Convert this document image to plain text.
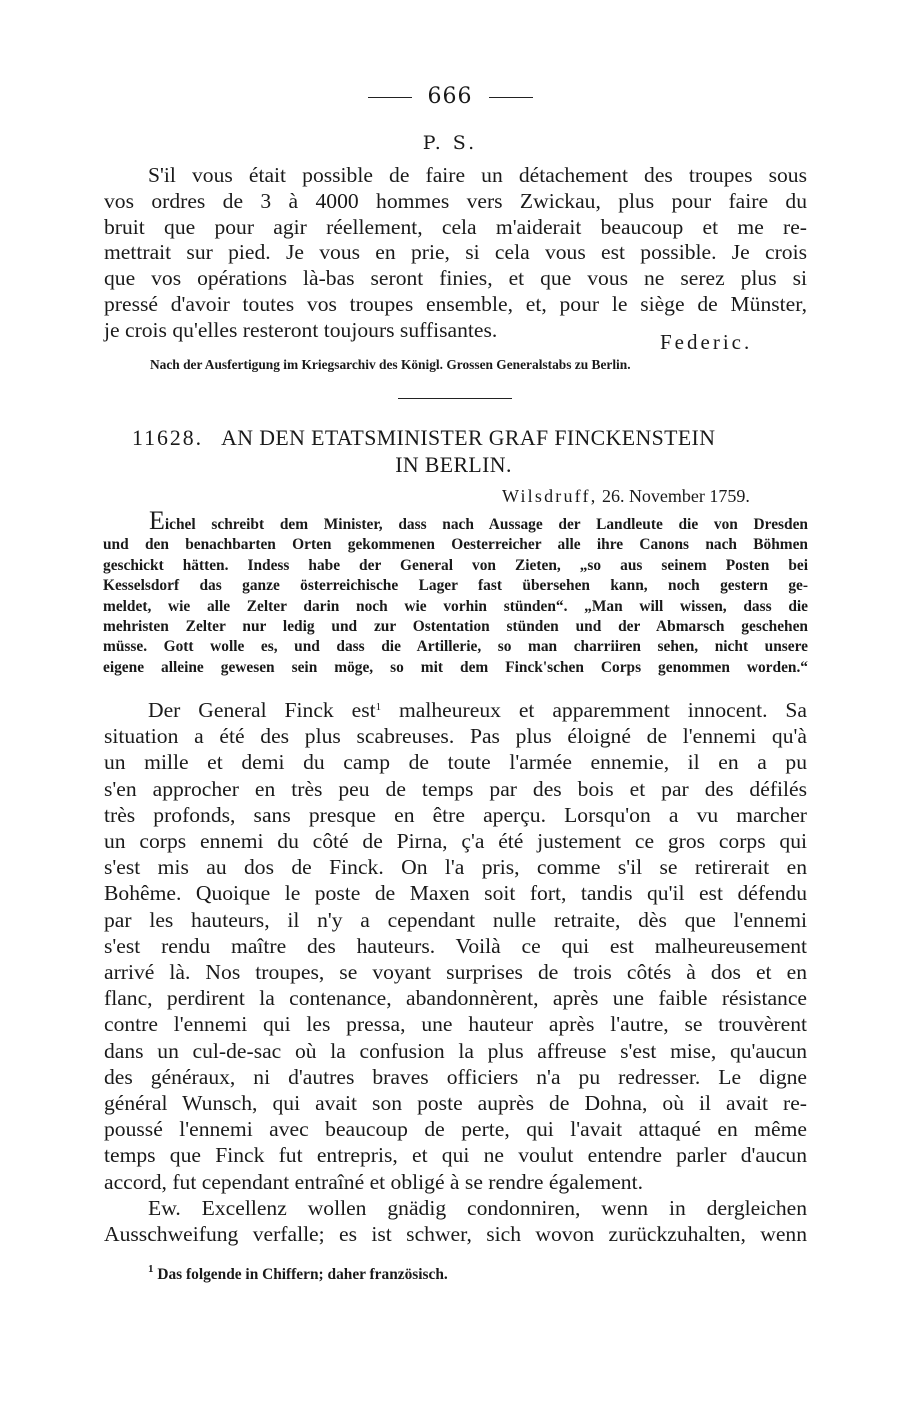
666
P. S.
S'il vous était possible de faire un détachement des troupes sous
vos ordres de 3 à 4000 hommes vers Zwickau, plus pour faire du
bruit que pour agir réellement, cela m'aiderait beaucoup et me re-
mettrait sur pied. Je vous en prie, si cela vous est possible. Je crois
que vos opérations là-bas seront finies, et que vous ne serez plus si
pressé d'avoir toutes vos troupes ensemble, et, pour le siège de Münster,
je crois qu'elles resteront toujours suffisantes.
Federic.
Nach der Ausfertigung im Kriegsarchiv des Königl. Grossen Generalstabs zu Berlin.
11628. AN DEN ETATSMINISTER GRAF FINCKENSTEIN
IN BERLIN.
Wilsdruff, 26. November 1759.
Eichel schreibt dem Minister, dass nach Aussage der Landleute die von Dresden
und den benachbarten Orten gekommenen Oesterreicher alle ihre Canons nach Böhmen
geschickt hätten. Indess habe der General von Zieten, „so aus seinem Posten bei
Kesselsdorf das ganze österreichische Lager fast übersehen kann, noch gestern ge-
meldet, wie alle Zelter darin noch wie vorhin stünden“. „Man will wissen, dass die
mehristen Zelter nur ledig und zur Ostentation stünden und der Abmarsch geschehen
müsse. Gott wolle es, und dass die Artillerie, so man charriiren sehen, nicht unsere
eigene alleine gewesen sein möge, so mit dem Finck'schen Corps genommen worden.“
Der General Finck est$^1$ malheureux et apparemment innocent. Sa
situation a été des plus scabreuses. Pas plus éloigné de l'ennemi qu'à
un mille et demi du camp de toute l'armée ennemie, il en a pu
s'en approcher en très peu de temps par des bois et par des défilés
très profonds, sans presque en être aperçu. Lorsqu'on a vu marcher
un corps ennemi du côté de Pirna, ç'a été justement ce gros corps qui
s'est mis au dos de Finck. On l'a pris, comme s'il se retirerait en
Bohême. Quoique le poste de Maxen soit fort, tandis qu'il est défendu
par les hauteurs, il n'y a cependant nulle retraite, dès que l'ennemi
s'est rendu maître des hauteurs. Voilà ce qui est malheureusement
arrivé là. Nos troupes, se voyant surprises de trois côtés à dos et en
flanc, perdirent la contenance, abandonnèrent, après une faible résistance
contre l'ennemi qui les pressa, une hauteur après l'autre, se trouvèrent
dans un cul-de-sac où la confusion la plus affreuse s'est mise, qu'aucun
des généraux, ni d'autres braves officiers n'a pu redresser. Le digne
général Wunsch, qui avait son poste auprès de Dohna, où il avait re-
poussé l'ennemi avec beaucoup de perte, qui l'avait attaqué en même
temps que Finck fut entrepris, et qui ne voulut entendre parler d'aucun
accord, fut cependant entraîné et obligé à se rendre également.
Ew. Excellenz wollen gnädig condonniren, wenn in dergleichen
Ausschweifung verfalle; es ist schwer, sich wovon zurückzuhalten, wenn
$^1$ Das folgende in Chiffern; daher französisch.
